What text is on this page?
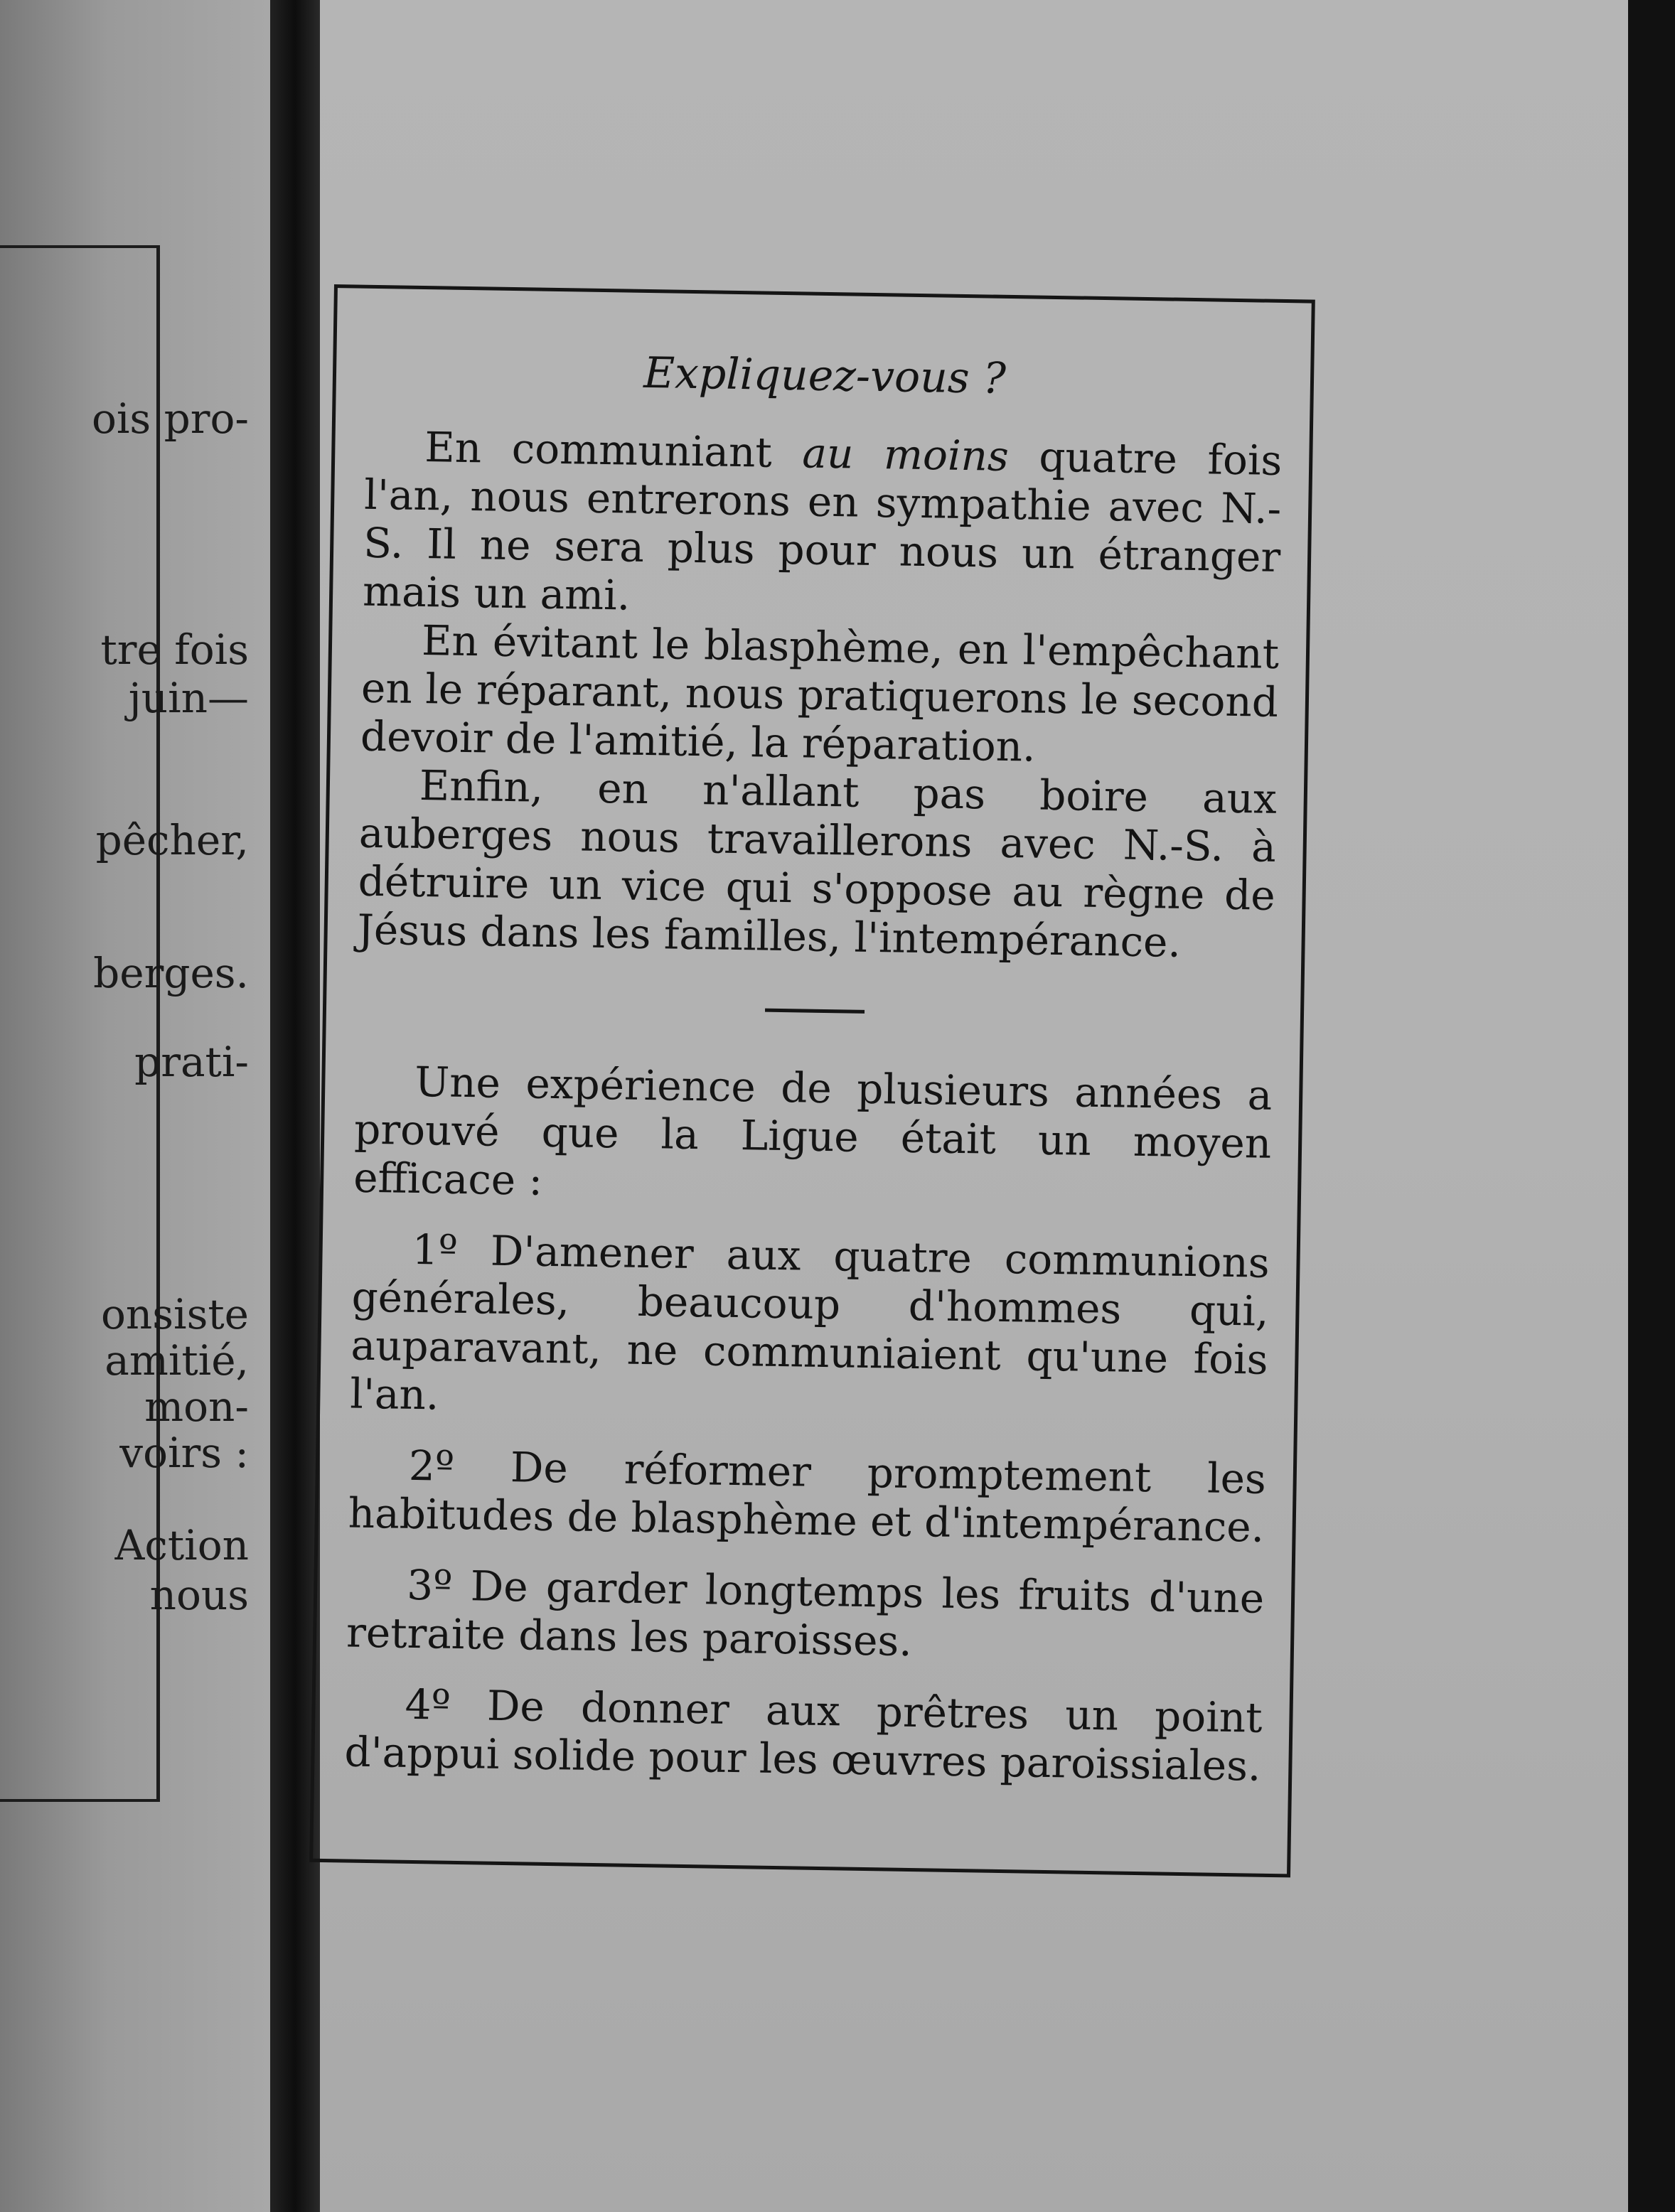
ois pro-
tre fois
juin—
pêcher,
berges.
prati-
onsiste
amitié,
mon-
voirs :
Action
nous
Expliquez-vous ?

En communiant au moins quatre fois l'an, nous entrerons en sympathie avec N.-S. Il ne sera plus pour nous un étranger mais un ami.

En évitant le blasphème, en l'empêchant en le réparant, nous pratiquerons le second devoir de l'amitié, la réparation.

Enfin, en n'allant pas boire aux auberges nous travaillerons avec N.-S. à détruire un vice qui s'oppose au règne de Jésus dans les familles, l'intempérance.

Une expérience de plusieurs années a prouvé que la Ligue était un moyen efficace :

1º D'amener aux quatre communions générales, beaucoup d'hommes qui, auparavant, ne communiaient qu'une fois l'an.

2º De réformer promptement les habitudes de blasphème et d'intempérance.

3º De garder longtemps les fruits d'une retraite dans les paroisses.

4º De donner aux prêtres un point d'appui solide pour les œuvres paroissiales.
